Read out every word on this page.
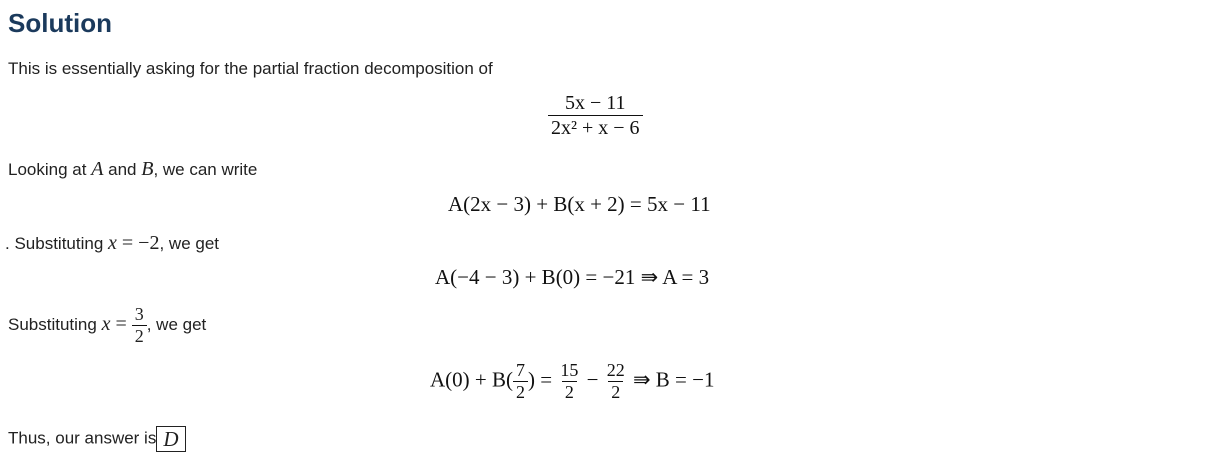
Solution
This is essentially asking for the partial fraction decomposition of
$\frac{5x - 11}{\text{2x² + x − 6}}$
Looking at A and B, we can write
A(2x − 3) + B(x + 2) = 5x − 11
. Substituting x = −2, we get
A(−4 − 3) + B(0) = −21 ⇛ A = 3
Substituting $x = \frac{3}{2}$ , we get
$A(0) + B( \frac{7}{2}$ ) = $\frac{15}{2} - \frac{22}{2}$ ⇛ B = −1
Thus, our answer is D
